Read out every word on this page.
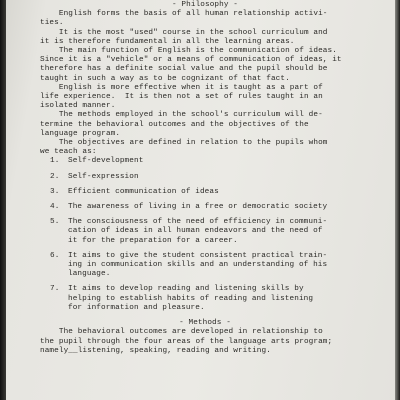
- Philosophy -

English forms the basis of all human relationship activi-
ties.

It is the most "used" course in the school curriculum and
it is therefore fundamental in all the learning areas.

The main function of English is the communication of ideas.
Since it is a "vehicle" or a means of communication of ideas, it
therefore has a definite social value and the pupil should be
taught in such a way as to be cognizant of that fact.

English is more effective when it is taught as a part of
life experience.  It is then not a set of rules taught in an
isolated manner.

The methods employed in the school's curriculum will de-
termine the behavioral outcomes and the objectives of the
language program.

The objectives are defined in relation to the pupils whom
we teach as:

1.	Self-development
2.	Self-expression
3.	Efficient communication of ideas
4.	The awareness of living in a free or democratic society
5.	The consciousness of the need of efficiency in communi-
cation of ideas in all human endeavors and the need of
it for the preparation for a career.
6.	It aims to give the student consistent practical train-
ing in communication skills and an understanding of his
language.
7.	It aims to develop reading and listening skills by
helping to establish habits of reading and listening
for information and pleasure.

- Methods -

The behavioral outcomes are developed in relationship to
the pupil through the four areas of the language arts program;
namely__listening, speaking, reading and writing.
